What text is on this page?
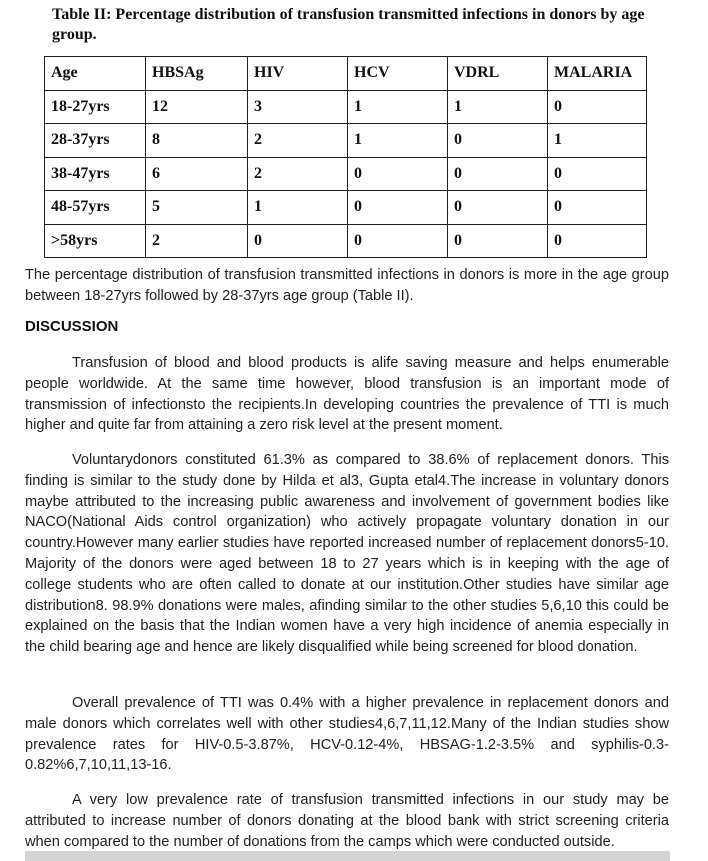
Table II: Percentage distribution of transfusion transmitted infections in donors by age group.
Age	HBSAg	HIV	HCV	VDRL	MALARIA
18-27yrs	12	3	1	1	0
28-37yrs	8	2	1	0	1
38-47yrs	6	2	0	0	0
48-57yrs	5	1	0	0	0
>58yrs	2	0	0	0	0

The percentage distribution of transfusion transmitted infections in donors is more in the age group between 18-27yrs followed by 28-37yrs age group (Table II).

DISCUSSION

Transfusion of blood and blood products is alife saving measure and helps enumerable people worldwide. At the same time however, blood transfusion is an important mode of transmission of infectionsto the recipients.In developing countries the prevalence of TTI is much higher and quite far from attaining a zero risk level at the present moment.

Voluntarydonors constituted 61.3% as compared to 38.6% of replacement donors. This finding is similar to the study done by Hilda et al3, Gupta etal4.The increase in voluntary donors maybe attributed to the increasing public awareness and involvement of government bodies like NACO(National Aids control organization) who actively propagate voluntary donation in our country.However many earlier studies have reported increased number of replacement donors5-10. Majority of the donors were aged between 18 to 27 years which is in keeping with the age of college students who are often called to donate at our institution.Other studies have similar age distribution8. 98.9% donations were males, afinding similar to the other studies 5,6,10 this could be explained on the basis that the Indian women have a very high incidence of anemia especially in the child bearing age and hence are likely disqualified while being screened for blood donation.

Overall prevalence of TTI was 0.4% with a higher prevalence in replacement donors and male donors which correlates well with other studies4,6,7,11,12.Many of the Indian studies show prevalence rates for HIV-0.5-3.87%, HCV-0.12-4%, HBSAG-1.2-3.5% and syphilis-0.3-0.82%6,7,10,11,13-16.

A very low prevalence rate of transfusion transmitted infections in our study may be attributed to increase number of donors donating at the blood bank with strict screening criteria when compared to the number of donations from the camps which were conducted outside.
